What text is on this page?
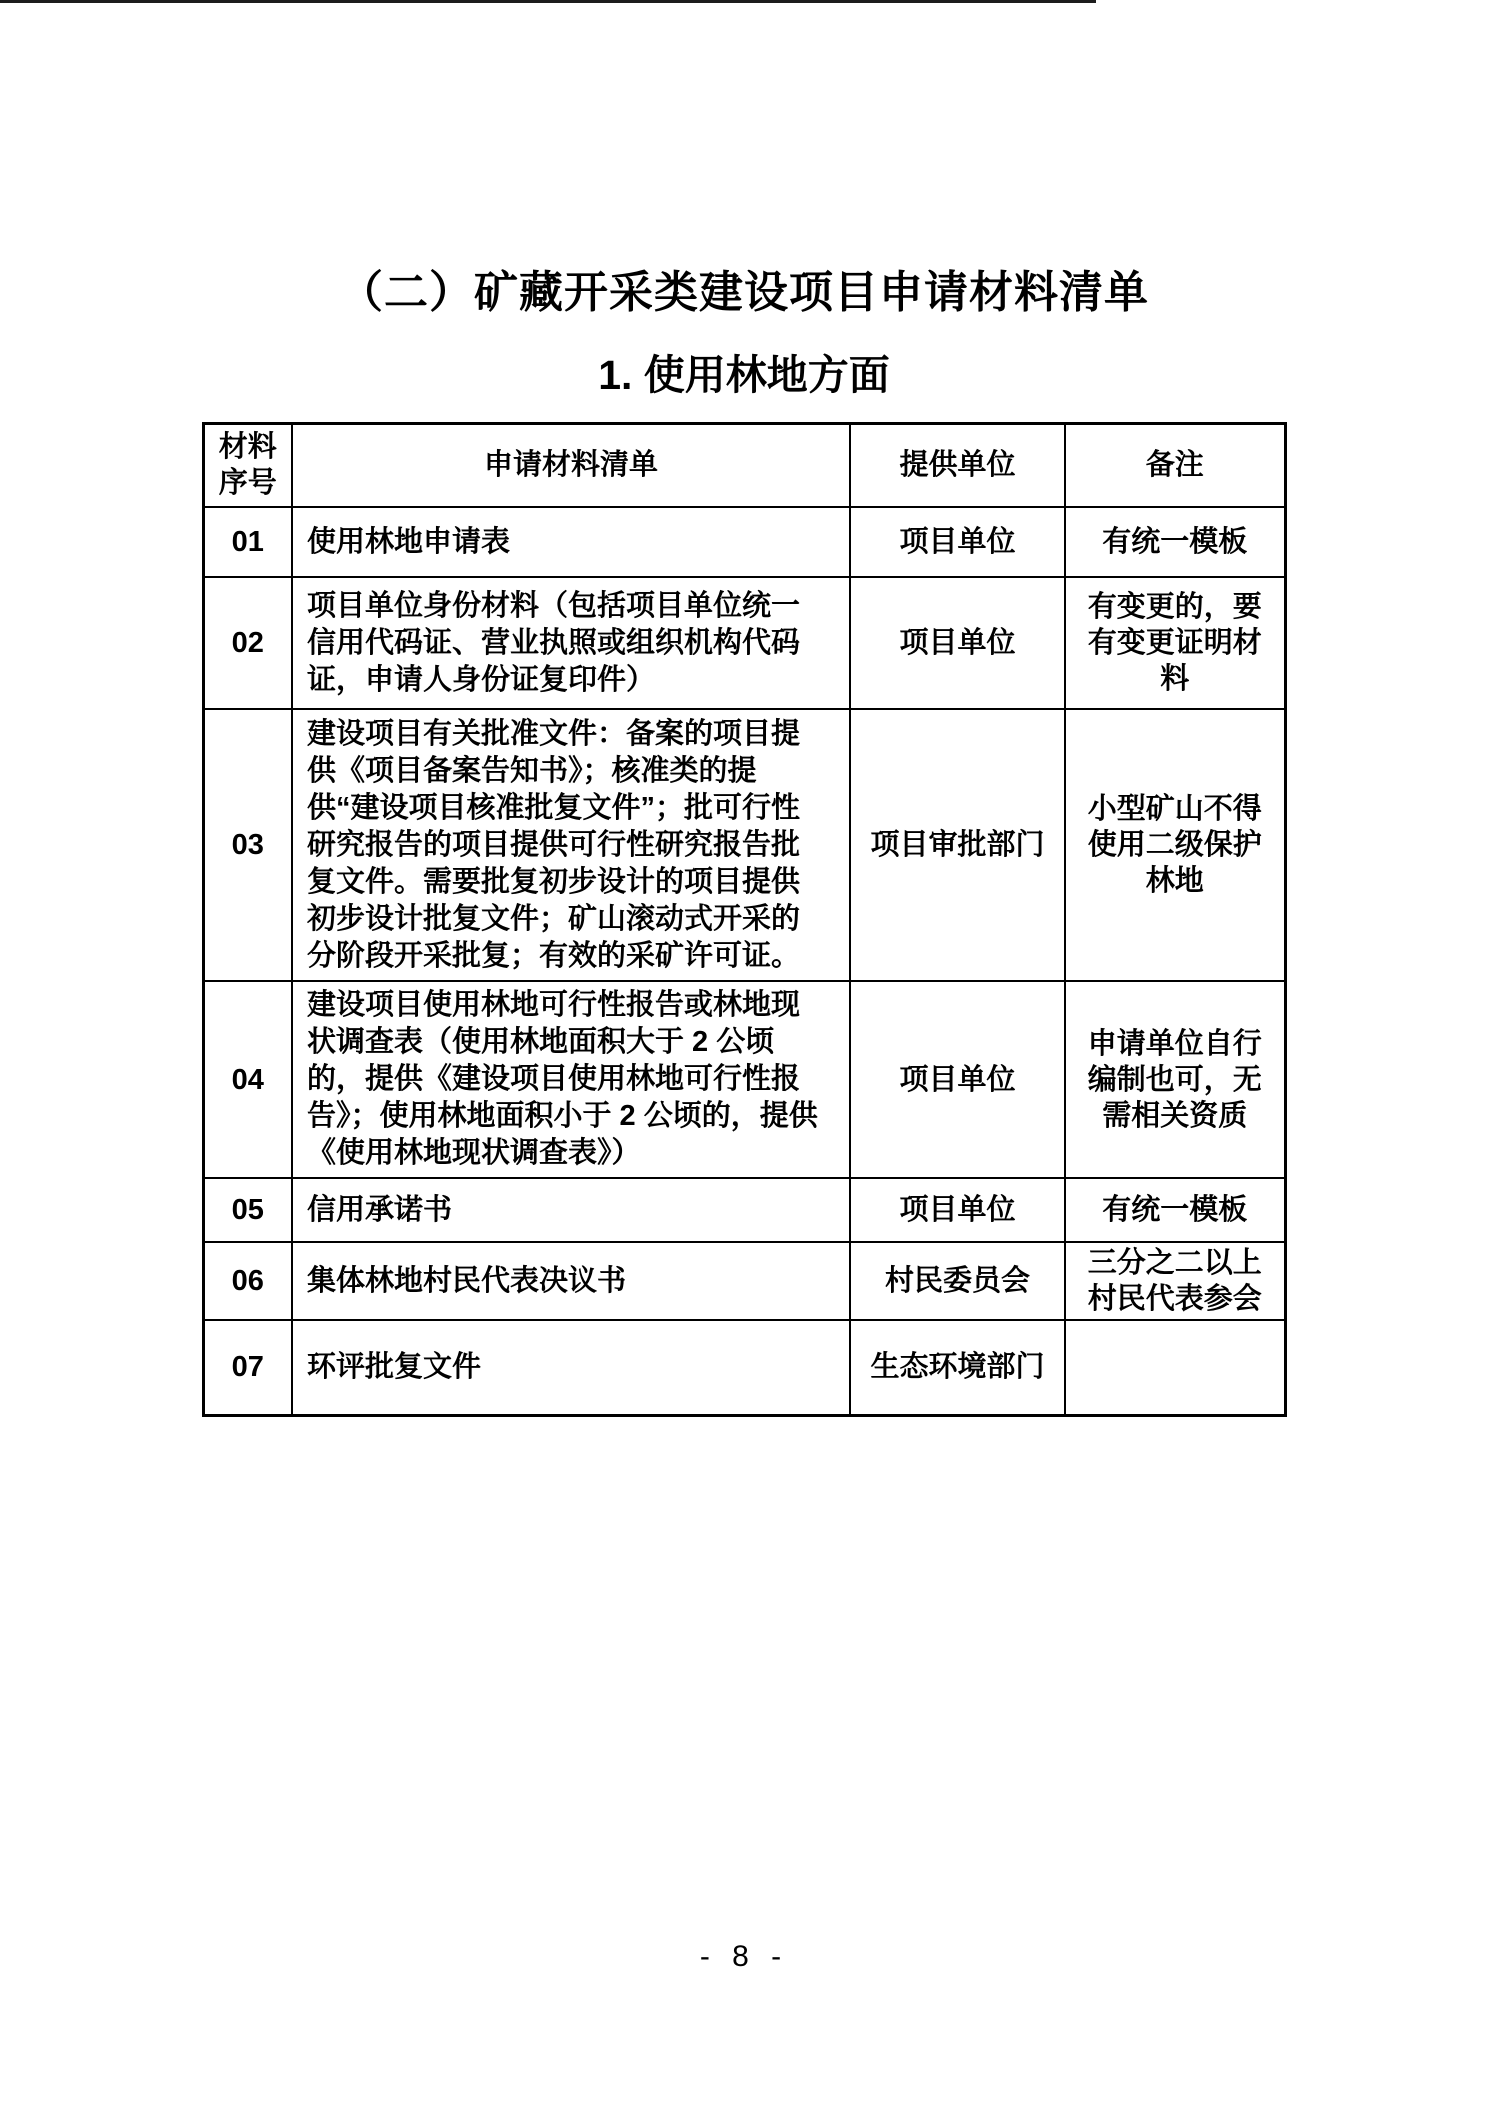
（二）矿藏开采类建设项目申请材料清单
1. 使用林地方面
材料序号	申请材料清单	提供单位	备注
01	使用林地申请表	项目单位	有统一模板
02	项目单位身份材料（包括项目单位统一信用代码证、营业执照或组织机构代码证，申请人身份证复印件）	项目单位	有变更的，要有变更证明材料
03	建设项目有关批准文件：备案的项目提供《项目备案告知书》；核准类的提供“建设项目核准批复文件”；批可行性研究报告的项目提供可行性研究报告批复文件。需要批复初步设计的项目提供初步设计批复文件；矿山滚动式开采的分阶段开采批复；有效的采矿许可证。	项目审批部门	小型矿山不得使用二级保护林地
04	建设项目使用林地可行性报告或林地现状调查表（使用林地面积大于 2 公顷的，提供《建设项目使用林地可行性报告》；使用林地面积小于 2 公顷的，提供《使用林地现状调查表》）	项目单位	申请单位自行编制也可，无需相关资质
05	信用承诺书	项目单位	有统一模板
06	集体林地村民代表决议书	村民委员会	三分之二以上村民代表参会
07	环评批复文件	生态环境部门	
- 8 -
